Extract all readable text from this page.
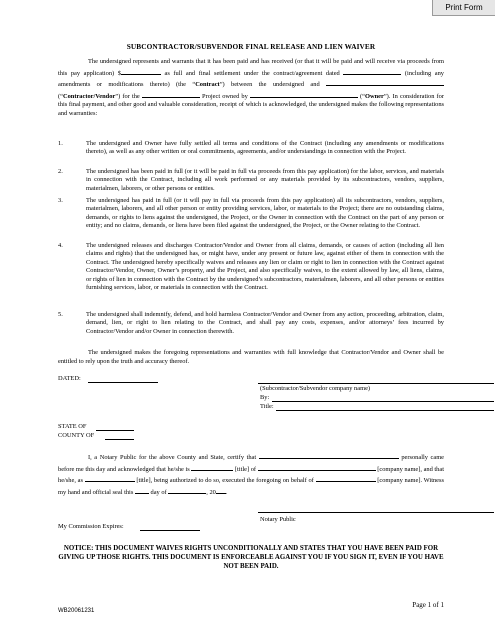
Print Form
SUBCONTRACTOR/SUBVENDOR FINAL RELEASE AND LIEN WAIVER
The undersigned represents and warrants that it has been paid and has received (or that it will be paid and will receive via proceeds from this pay application) $	as full and final settlement under the contract/agreement dated	(including any amendments or modifications thereto) (the “Contract”) between the undersigned and  (“Contractor/Vendor”) for the	Project owned by	(“Owner”). In consideration for this final payment, and other good and valuable consideration, receipt of which is acknowledged, the undersigned makes the following representations and warranties:
1.	The undersigned and Owner have fully settled all terms and conditions of the Contract (including any amendments or modifications thereto), as well as any other written or oral commitments, agreements, and/or understandings in connection with the Project.
2.	The undersigned has been paid in full (or it will be paid in full via proceeds from this pay application) for the labor, services, and materials in connection with the Contract, including all work performed or any materials provided by its subcontractors, vendors, suppliers, materialmen, laborers, or other persons or entities.
3.	The undersigned has paid in full (or it will pay in full via proceeds from this pay application) all its subcontractors, vendors, suppliers, materialmen, laborers, and all other person or entity providing services, labor, or materials to the Project; there are no outstanding claims, demands, or rights to liens against the undersigned, the Project, or the Owner in connection with the Contract on the part of any person or entity; and no claims, demands, or liens have been filed against the undersigned, the Project, or the Owner relating to the Contract.
4.	The undersigned releases and discharges Contractor/Vendor and Owner from all claims, demands, or causes of action (including all lien claims and rights) that the undersigned has, or might have, under any present or future law, against either of them in connection with the Contract. The undersigned hereby specifically waives and releases any lien or claim or right to lien in connection with the Contract against Contractor/Vendor, Owner, Owner’s property, and the Project, and also specifically waives, to the extent allowed by law, all liens, claims, or rights of lien in connection with the Contract by the undersigned’s subcontractors, materialmen, laborers, and all other persons or entities furnishing services, labor, or materials in connection with the Contract.
5.	The undersigned shall indemnify, defend, and hold harmless Contractor/Vendor and Owner from any action, proceeding, arbitration, claim, demand, lien, or right to lien relating to the Contract, and shall pay any costs, expenses, and/or attorneys’ fees incurred by Contractor/Vendor and/or Owner in connection therewith.
The undersigned makes the foregoing representations and warranties with full knowledge that Contractor/Vendor and Owner shall be entitled to rely upon the truth and accuracy thereof.
DATED:
(Subcontractor/Subvendor company name)
By:
Title:
STATE OF
COUNTY OF
I, a Notary Public for the above County and State, certify that	personally came before me this day and acknowledged that he/she is	[title] of	[company name], and that he/she, as	[title], being authorized to do so, executed the foregoing on behalf of	[company name]. Witness my hand and official seal this  day of	, 20 .
Notary Public
My Commission Expires:
NOTICE: THIS DOCUMENT WAIVES RIGHTS UNCONDITIONALLY AND STATES THAT YOU HAVE BEEN PAID FOR GIVING UP THOSE RIGHTS. THIS DOCUMENT IS ENFORCEABLE AGAINST YOU IF YOU SIGN IT, EVEN IF YOU HAVE NOT BEEN PAID.
Page 1 of 1
WB20061231
